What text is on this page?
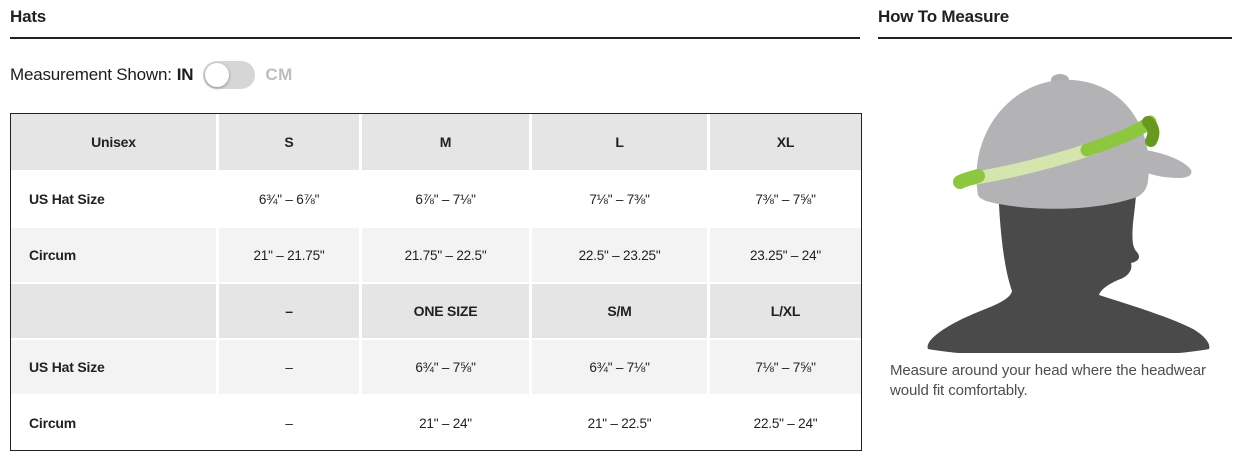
Hats
Measurement Shown: IN	CM
Unisex	S	M	L	XL
US Hat Size	6¾" – 6⅞"	6⅞" – 7⅛"	7⅛" – 7⅜"	7⅜" – 7⅝"
Circum	21" – 21.75"	21.75" – 22.5"	22.5" – 23.25"	23.25" – 24"
	–	ONE SIZE	S/M	L/XL
US Hat Size	–	6¾" – 7⅝"	6¾" – 7⅛"	7⅛" – 7⅝"
Circum	–	21" – 24"	21" – 22.5"	22.5" – 24"
How To Measure
Measure around your head where the headwear would fit comfortably.
